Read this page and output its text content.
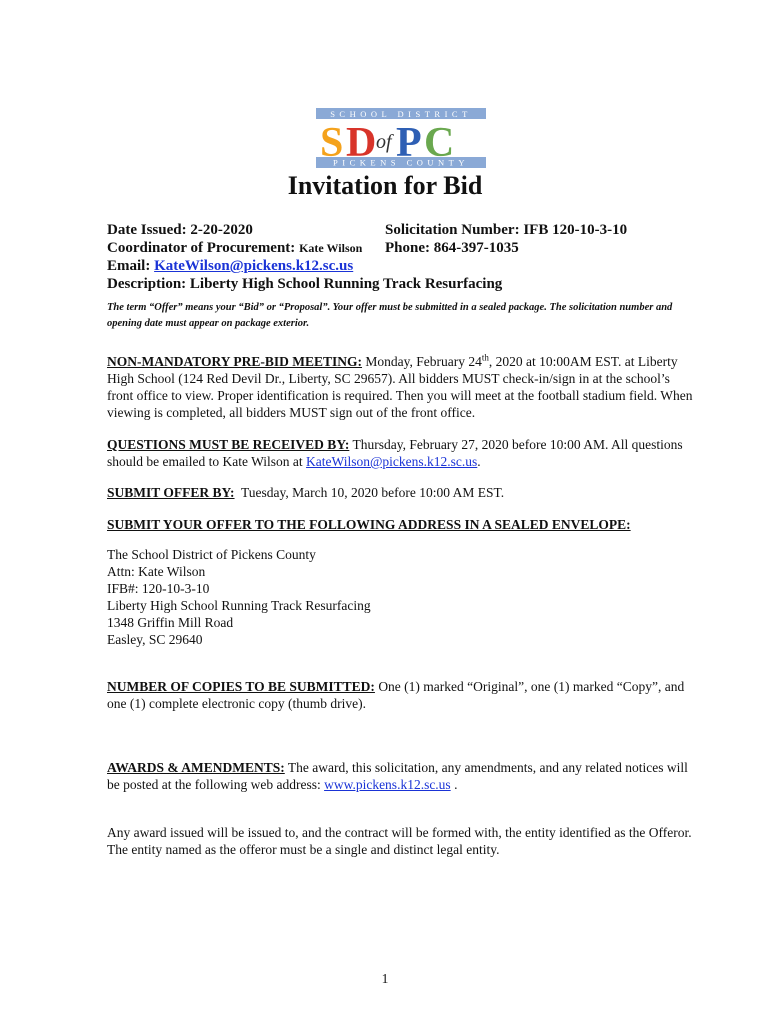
SCHOOL DISTRICT
PICKENS COUNTY
S D of P C
Invitation for Bid
Date Issued: 2-20-2020	Solicitation Number: IFB 120-10-3-10
Coordinator of Procurement: Kate Wilson Phone: 864-397-1035
Email: KateWilson@pickens.k12.sc.us
Description: Liberty High School Running Track Resurfacing
The term “Offer” means your “Bid” or “Proposal”. Your offer must be submitted in a sealed package. The solicitation number and opening date must appear on package exterior.
NON-MANDATORY PRE-BID MEETING: Monday, February 24th, 2020 at 10:00AM EST. at Liberty High School (124 Red Devil Dr., Liberty, SC 29657). All bidders MUST check-in/sign in at the school’s front office to view. Proper identification is required. Then you will meet at the football stadium field. When viewing is completed, all bidders MUST sign out of the front office.
QUESTIONS MUST BE RECEIVED BY: Thursday, February 27, 2020 before 10:00 AM. All questions should be emailed to Kate Wilson at KateWilson@pickens.k12.sc.us.
SUBMIT OFFER BY:  Tuesday, March 10, 2020 before 10:00 AM EST.
SUBMIT YOUR OFFER TO THE FOLLOWING ADDRESS IN A SEALED ENVELOPE:
The School District of Pickens County
Attn: Kate Wilson
IFB#: 120-10-3-10
Liberty High School Running Track Resurfacing
1348 Griffin Mill Road
Easley, SC 29640
NUMBER OF COPIES TO BE SUBMITTED: One (1) marked “Original”, one (1) marked “Copy”, and one (1) complete electronic copy (thumb drive).
AWARDS & AMENDMENTS: The award, this solicitation, any amendments, and any related notices will be posted at the following web address: www.pickens.k12.sc.us .
Any award issued will be issued to, and the contract will be formed with, the entity identified as the Offeror. The entity named as the offeror must be a single and distinct legal entity.
1
